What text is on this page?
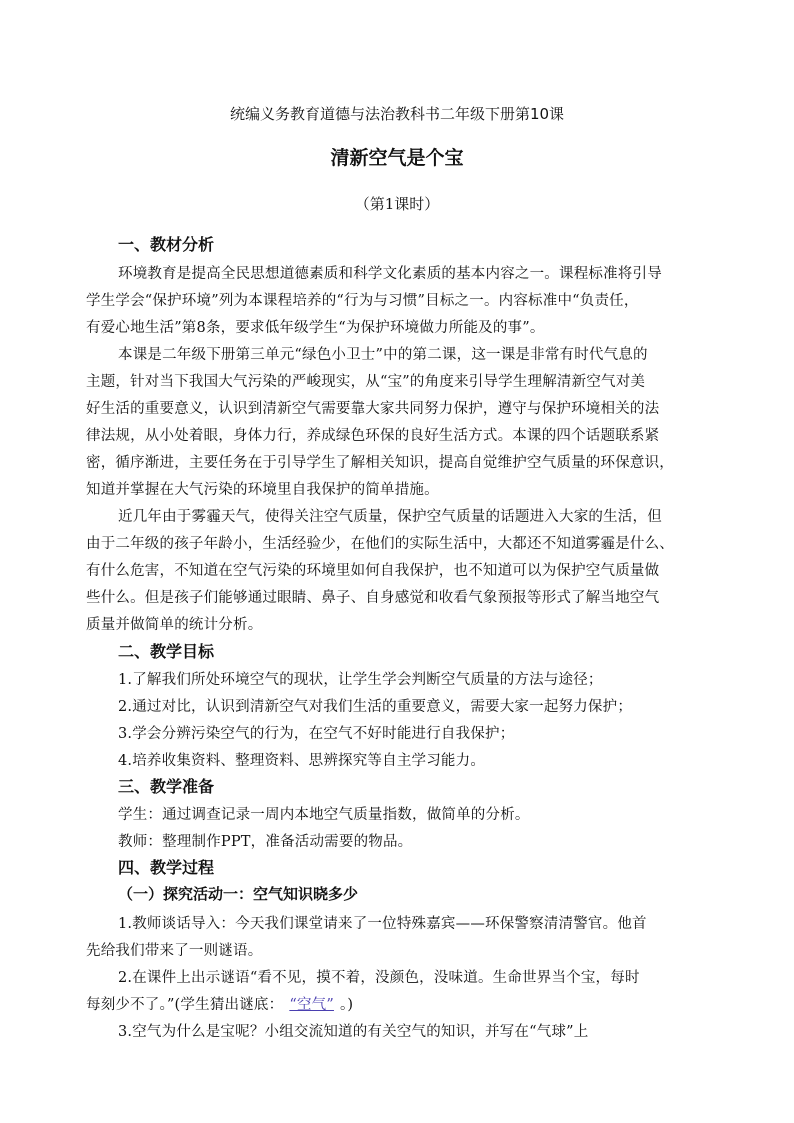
统编义务教育道德与法治教科书二年级下册第10课
清新空气是个宝
（第1课时）
一、教材分析
环境教育是提高全民思想道德素质和科学文化素质的基本内容之一。课程标准将引导
学生学会“保护环境”列为本课程培养的“行为与习惯”目标之一。内容标准中“负责任，
有爱心地生活”第8条，要求低年级学生“为保护环境做力所能及的事”。
本课是二年级下册第三单元“绿色小卫士”中的第二课，这一课是非常有时代气息的
主题，针对当下我国大气污染的严峻现实，从“宝”的角度来引导学生理解清新空气对美
好生活的重要意义，认识到清新空气需要靠大家共同努力保护，遵守与保护环境相关的法
律法规，从小处着眼，身体力行，养成绿色环保的良好生活方式。本课的四个话题联系紧
密，循序渐进，主要任务在于引导学生了解相关知识，提高自觉维护空气质量的环保意识，
知道并掌握在大气污染的环境里自我保护的简单措施。
近几年由于雾霾天气，使得关注空气质量，保护空气质量的话题进入大家的生活，但
由于二年级的孩子年龄小，生活经验少，在他们的实际生活中，大都还不知道雾霾是什么、
有什么危害，不知道在空气污染的环境里如何自我保护，也不知道可以为保护空气质量做
些什么。但是孩子们能够通过眼睛、鼻子、自身感觉和收看气象预报等形式了解当地空气
质量并做简单的统计分析。
二、教学目标
1.了解我们所处环境空气的现状，让学生学会判断空气质量的方法与途径；
2.通过对比，认识到清新空气对我们生活的重要意义，需要大家一起努力保护；
3.学会分辨污染空气的行为，在空气不好时能进行自我保护；
4.培养收集资料、整理资料、思辨探究等自主学习能力。
三、教学准备
学生：通过调查记录一周内本地空气质量指数，做简单的分析。
教师：整理制作PPT，准备活动需要的物品。
四、教学过程
（一）探究活动一：空气知识晓多少
1.教师谈话导入：今天我们课堂请来了一位特殊嘉宾——环保警察清清警官。他首
先给我们带来了一则谜语。
2.在课件上出示谜语“看不见，摸不着，没颜色，没味道。生命世界当个宝，每时
每刻少不了。”(学生猜出谜底： “空气” 。)
3.空气为什么是宝呢？小组交流知道的有关空气的知识，并写在“气球”上
